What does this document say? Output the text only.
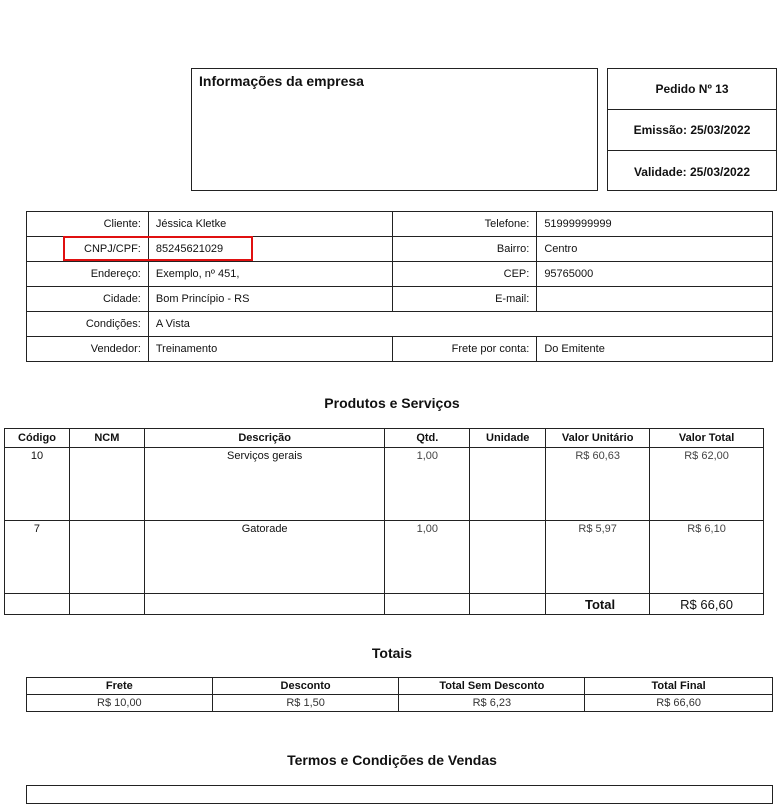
Informações da empresa	Pedido Nº 13
Emissão: 25/03/2022
Validade: 25/03/2022
Cliente:	Jéssica Kletke	Telefone:	51999999999
CNPJ/CPF:	85245621029	Bairro:	Centro
Endereço:	Exemplo, nº 451,	CEP:	95765000
Cidade:	Bom Princípio - RS	E-mail:	
Condições:	A Vista
Vendedor:	Treinamento	Frete por conta:	Do Emitente
Produtos e Serviços
Código	NCM	Descrição	Qtd.	Unidade	Valor Unitário	Valor Total
10		Serviços gerais	1,00		R$ 60,63	R$ 62,00
7		Gatorade	1,00		R$ 5,97	R$ 6,10
					Total	R$ 66,60
Totais
Frete	Desconto	Total Sem Desconto	Total Final
R$ 10,00	R$ 1,50	R$ 6,23	R$ 66,60
Termos e Condições de Vendas
